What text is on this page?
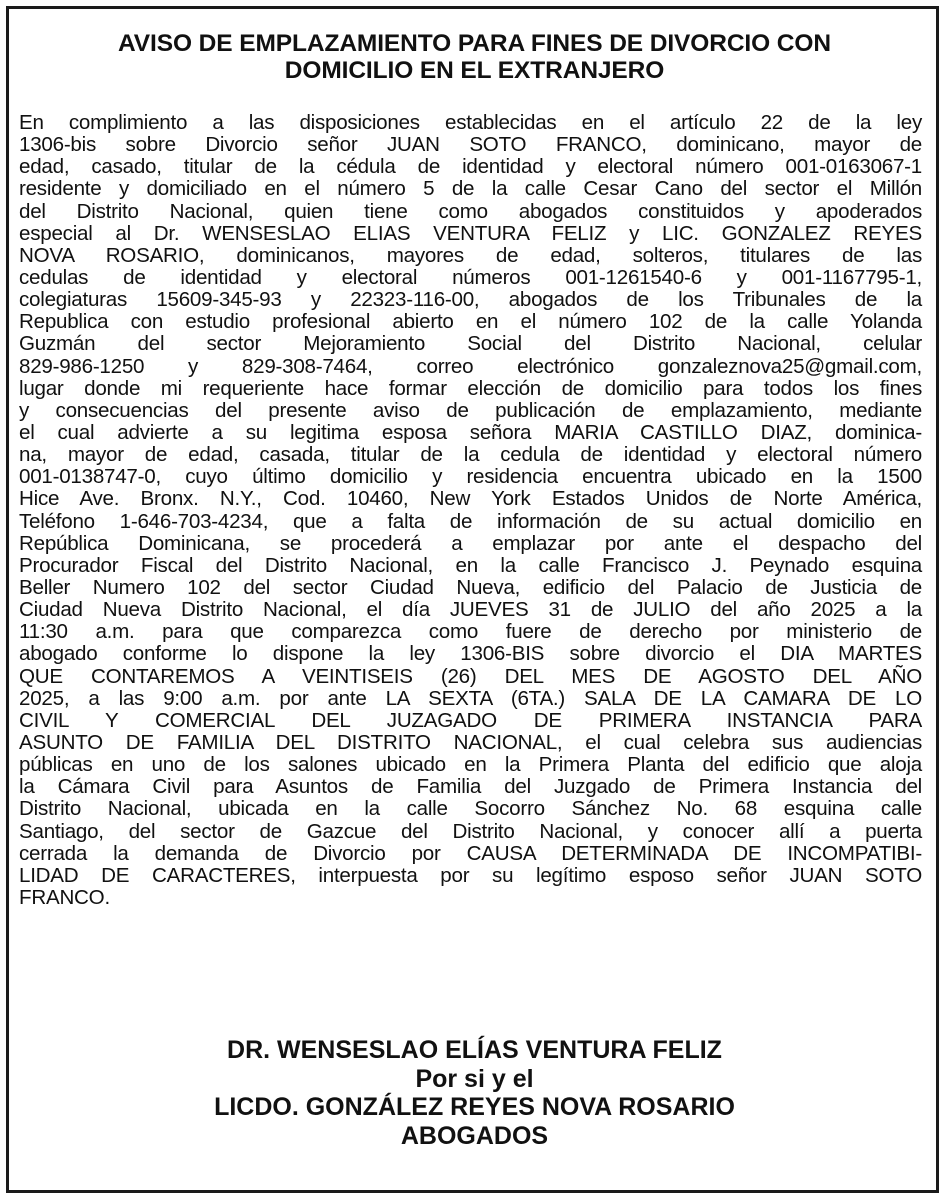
AVISO DE EMPLAZAMIENTO PARA FINES DE DIVORCIO CON
DOMICILIO EN EL EXTRANJERO
En complimiento a las disposiciones establecidas en el artículo 22 de la ley
1306-bis sobre Divorcio señor JUAN SOTO FRANCO, dominicano, mayor de
edad, casado, titular de la cédula de identidad y electoral número 001-0163067-1
residente y domiciliado en el número 5 de la calle Cesar Cano del sector el Millón
del Distrito Nacional, quien tiene como abogados constituidos y apoderados
especial al Dr. WENSESLAO ELIAS VENTURA FELIZ y LIC. GONZALEZ REYES
NOVA ROSARIO, dominicanos, mayores de edad, solteros, titulares de las
cedulas de identidad y electoral números 001-1261540-6 y 001-1167795-1,
colegiaturas 15609-345-93 y 22323-116-00, abogados de los Tribunales de la
Republica con estudio profesional abierto en el número 102 de la calle Yolanda
Guzmán del sector Mejoramiento Social del Distrito Nacional, celular
829-986-1250 y 829-308-7464, correo electrónico gonzaleznova25@gmail.com,
lugar donde mi requeriente hace formar elección de domicilio para todos los fines
y consecuencias del presente aviso de publicación de emplazamiento, mediante
el cual advierte a su legitima esposa señora MARIA CASTILLO DIAZ, dominica-
na, mayor de edad, casada, titular de la cedula de identidad y electoral número
001-0138747-0, cuyo último domicilio y residencia encuentra ubicado en la 1500
Hice Ave. Bronx. N.Y., Cod. 10460, New York Estados Unidos de Norte América,
Teléfono 1-646-703-4234, que a falta de información de su actual domicilio en
República Dominicana, se procederá a emplazar por ante el despacho del
Procurador Fiscal del Distrito Nacional, en la calle Francisco J. Peynado esquina
Beller Numero 102 del sector Ciudad Nueva, edificio del Palacio de Justicia de
Ciudad Nueva Distrito Nacional, el día JUEVES 31 de JULIO del año 2025 a la
11:30 a.m. para que comparezca como fuere de derecho por ministerio de
abogado conforme lo dispone la ley 1306-BIS sobre divorcio el DIA MARTES
QUE CONTAREMOS A VEINTISEIS (26) DEL MES DE AGOSTO DEL AÑO
2025, a las 9:00 a.m. por ante LA SEXTA (6TA.) SALA DE LA CAMARA DE LO
CIVIL Y COMERCIAL DEL JUZAGADO DE PRIMERA INSTANCIA PARA
ASUNTO DE FAMILIA DEL DISTRITO NACIONAL, el cual celebra sus audiencias
públicas en uno de los salones ubicado en la Primera Planta del edificio que aloja
la Cámara Civil para Asuntos de Familia del Juzgado de Primera Instancia del
Distrito Nacional, ubicada en la calle Socorro Sánchez No. 68 esquina calle
Santiago, del sector de Gazcue del Distrito Nacional, y conocer allí a puerta
cerrada la demanda de Divorcio por CAUSA DETERMINADA DE INCOMPATIBI-
LIDAD DE CARACTERES, interpuesta por su legítimo esposo señor JUAN SOTO
FRANCO.
DR. WENSESLAO ELÍAS VENTURA FELIZ
Por si y el
LICDO. GONZÁLEZ REYES NOVA ROSARIO
ABOGADOS
